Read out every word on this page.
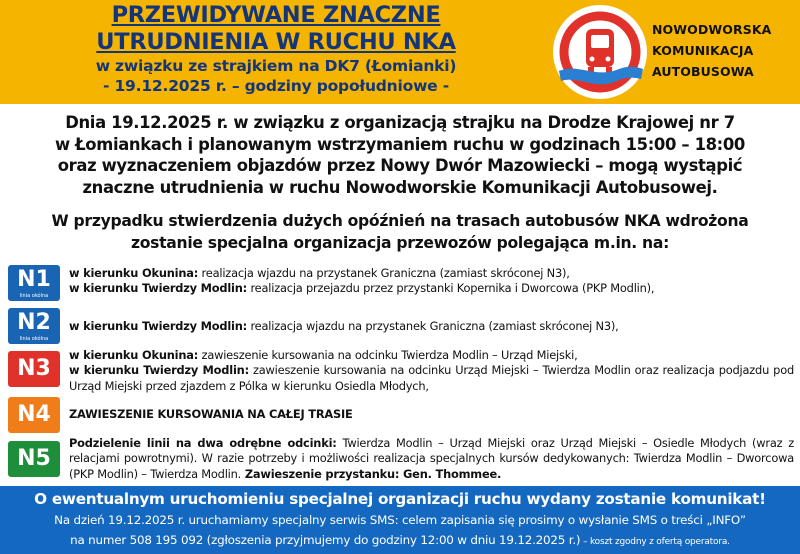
PRZEWIDYWANE ZNACZNE
UTRUDNIENIA W RUCHU NKA
w związku ze strajkiem na DK7 (Łomianki)
- 19.12.2025 r. – godziny popołudniowe -
NOWODWORSKA
KOMUNIKACJA
AUTOBUSOWA
Dnia 19.12.2025 r. w związku z organizacją strajku na Drodze Krajowej nr 7
w Łomiankach i planowanym wstrzymaniem ruchu w godzinach 15:00 – 18:00
oraz wyznaczeniem objazdów przez Nowy Dwór Mazowiecki – mogą wystąpić
znaczne utrudnienia w ruchu Nowodworskie Komunikacji Autobusowej.
W przypadku stwierdzenia dużych opóźnień na trasach autobusów NKA wdrożona
zostanie specjalna organizacja przewozów polegająca m.in. na:
N1
linia okólna
w kierunku Okunina: realizacja wjazdu na przystanek Graniczna (zamiast skróconej N3),
w kierunku Twierdzy Modlin: realizacja przejazdu przez przystanki Kopernika i Dworcowa (PKP Modlin),
N2
linia okólna
w kierunku Twierdzy Modlin: realizacja wjazdu na przystanek Graniczna (zamiast skróconej N3),
N3
w kierunku Okunina: zawieszenie kursowania na odcinku Twierdza Modlin – Urząd Miejski,
w kierunku Twierdzy Modlin: zawieszenie kursowania na odcinku Urząd Miejski – Twierdza Modlin oraz realizacja podjazdu pod Urząd Miejski przed zjazdem z Pólka w kierunku Osiedla Młodych,
N4	ZAWIESZENIE KURSOWANIA NA CAŁEJ TRASIE
N5
Podzielenie linii na dwa odrębne odcinki: Twierdza Modlin – Urząd Miejski oraz Urząd Miejski – Osiedle Młodych (wraz z relacjami powrotnymi). W razie potrzeby i możliwości realizacja specjalnych kursów dedykowanych: Twierdza Modlin – Dworcowa (PKP Modlin) – Twierdza Modlin. Zawieszenie przystanku: Gen. Thommee.
O ewentualnym uruchomieniu specjalnej organizacji ruchu wydany zostanie komunikat!
Na dzień 19.12.2025 r. uruchamiamy specjalny serwis SMS: celem zapisania się prosimy o wysłanie SMS o treści „INFO”
na numer 508 195 092 (zgłoszenia przyjmujemy do godziny 12:00 w dniu 19.12.2025 r.) – koszt zgodny z ofertą operatora.
